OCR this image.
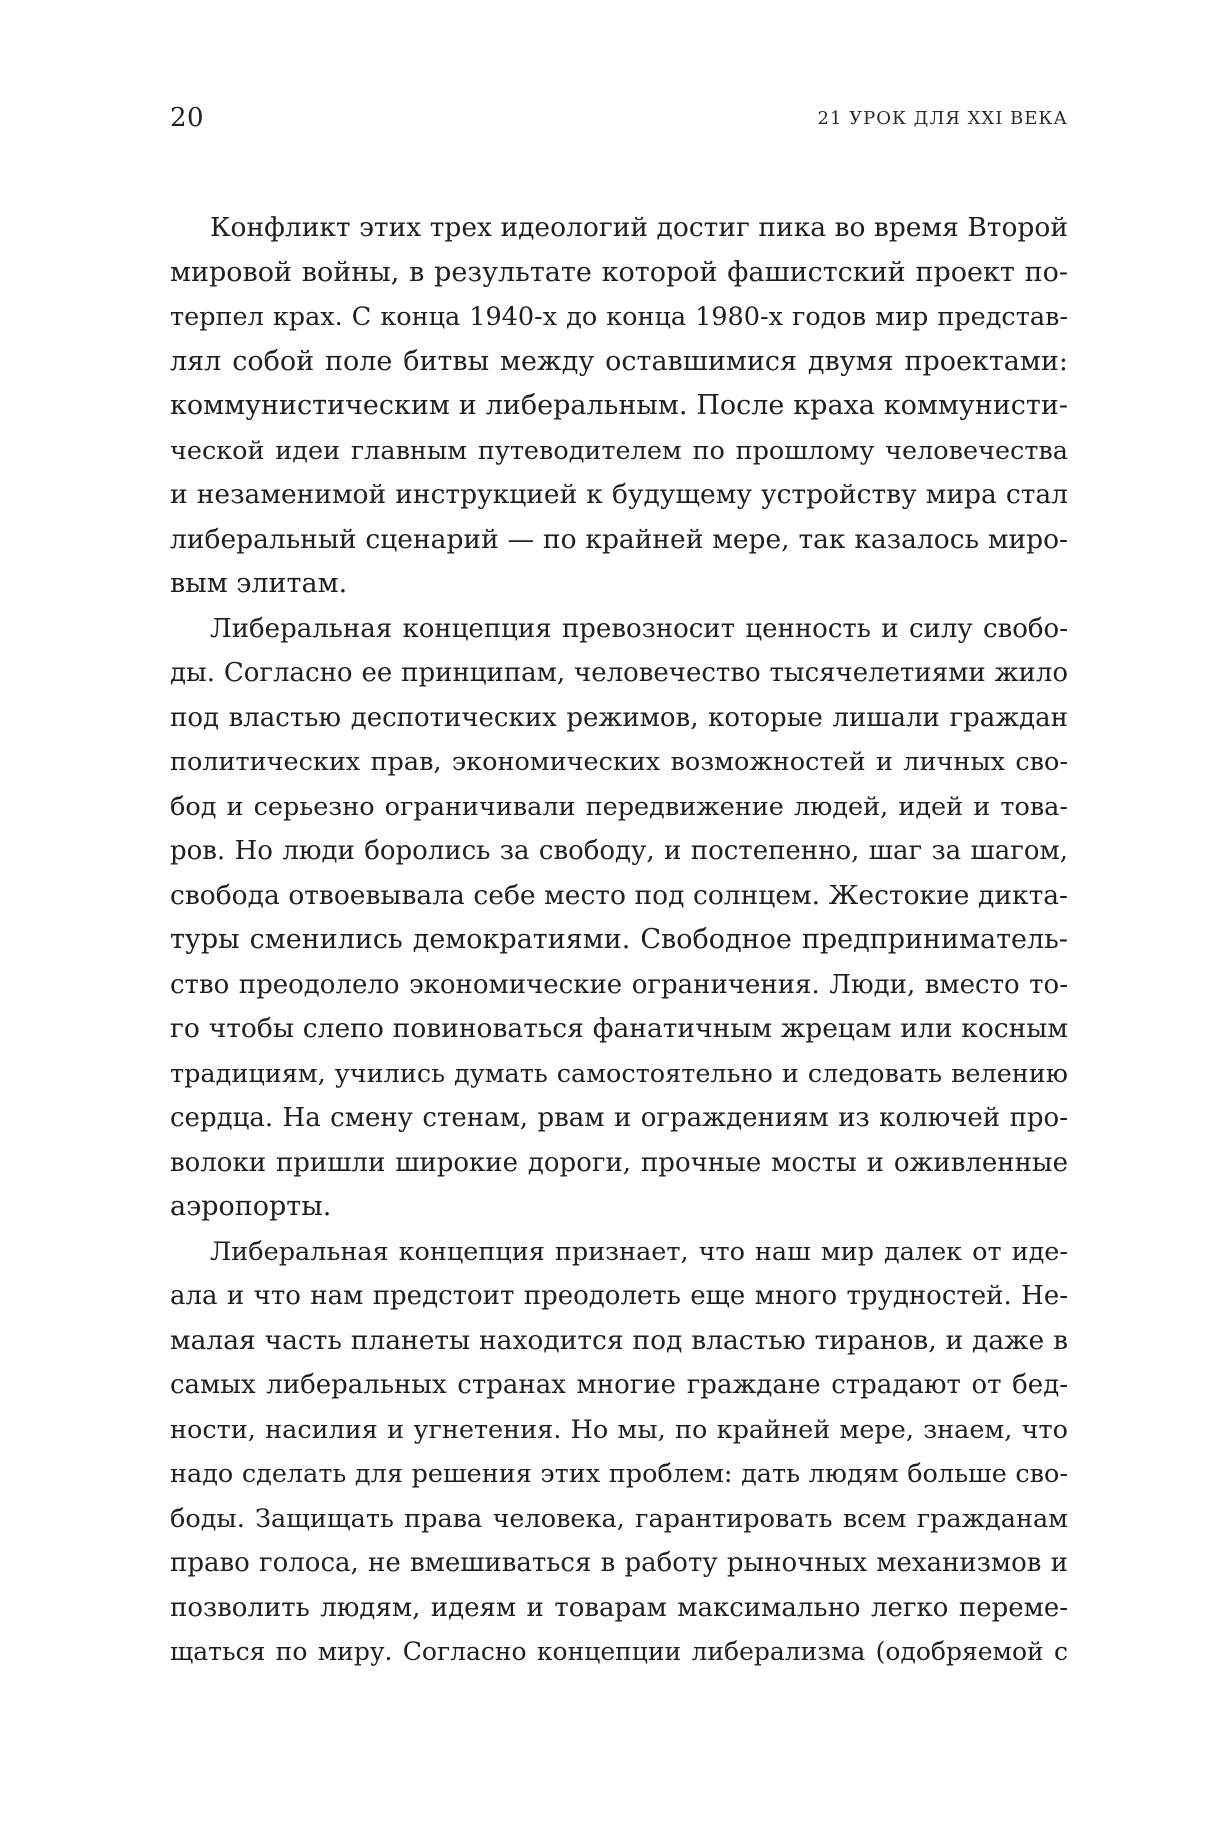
20	21 УРОК ДЛЯ XXI ВЕКА
Конфликт этих трех идеологий достиг пика во время Второй
мировой войны, в результате которой фашистский проект по-
терпел крах. С конца 1940-х до конца 1980-х годов мир представ-
лял собой поле битвы между оставшимися двумя проектами:
коммунистическим и либеральным. После краха коммунисти-
ческой идеи главным путеводителем по прошлому человечества
и незаменимой инструкцией к будущему устройству мира стал
либеральный сценарий — по крайней мере, так казалось миро-
вым элитам.
Либеральная концепция превозносит ценность и силу свобо-
ды. Согласно ее принципам, человечество тысячелетиями жило
под властью деспотических режимов, которые лишали граждан
политических прав, экономических возможностей и личных сво-
бод и серьезно ограничивали передвижение людей, идей и това-
ров. Но люди боролись за свободу, и постепенно, шаг за шагом,
свобода отвоевывала себе место под солнцем. Жестокие дикта-
туры сменились демократиями. Свободное предприниматель-
ство преодолело экономические ограничения. Люди, вместо то-
го чтобы слепо повиноваться фанатичным жрецам или косным
традициям, учились думать самостоятельно и следовать велению
сердца. На смену стенам, рвам и ограждениям из колючей про-
волоки пришли широкие дороги, прочные мосты и оживленные
аэропорты.
Либеральная концепция признает, что наш мир далек от иде-
ала и что нам предстоит преодолеть еще много трудностей. Не-
малая часть планеты находится под властью тиранов, и даже в
самых либеральных странах многие граждане страдают от бед-
ности, насилия и угнетения. Но мы, по крайней мере, знаем, что
надо сделать для решения этих проблем: дать людям больше сво-
боды. Защищать права человека, гарантировать всем гражданам
право голоса, не вмешиваться в работу рыночных механизмов и
позволить людям, идеям и товарам максимально легко переме-
щаться по миру. Согласно концепции либерализма (одобряемой с
